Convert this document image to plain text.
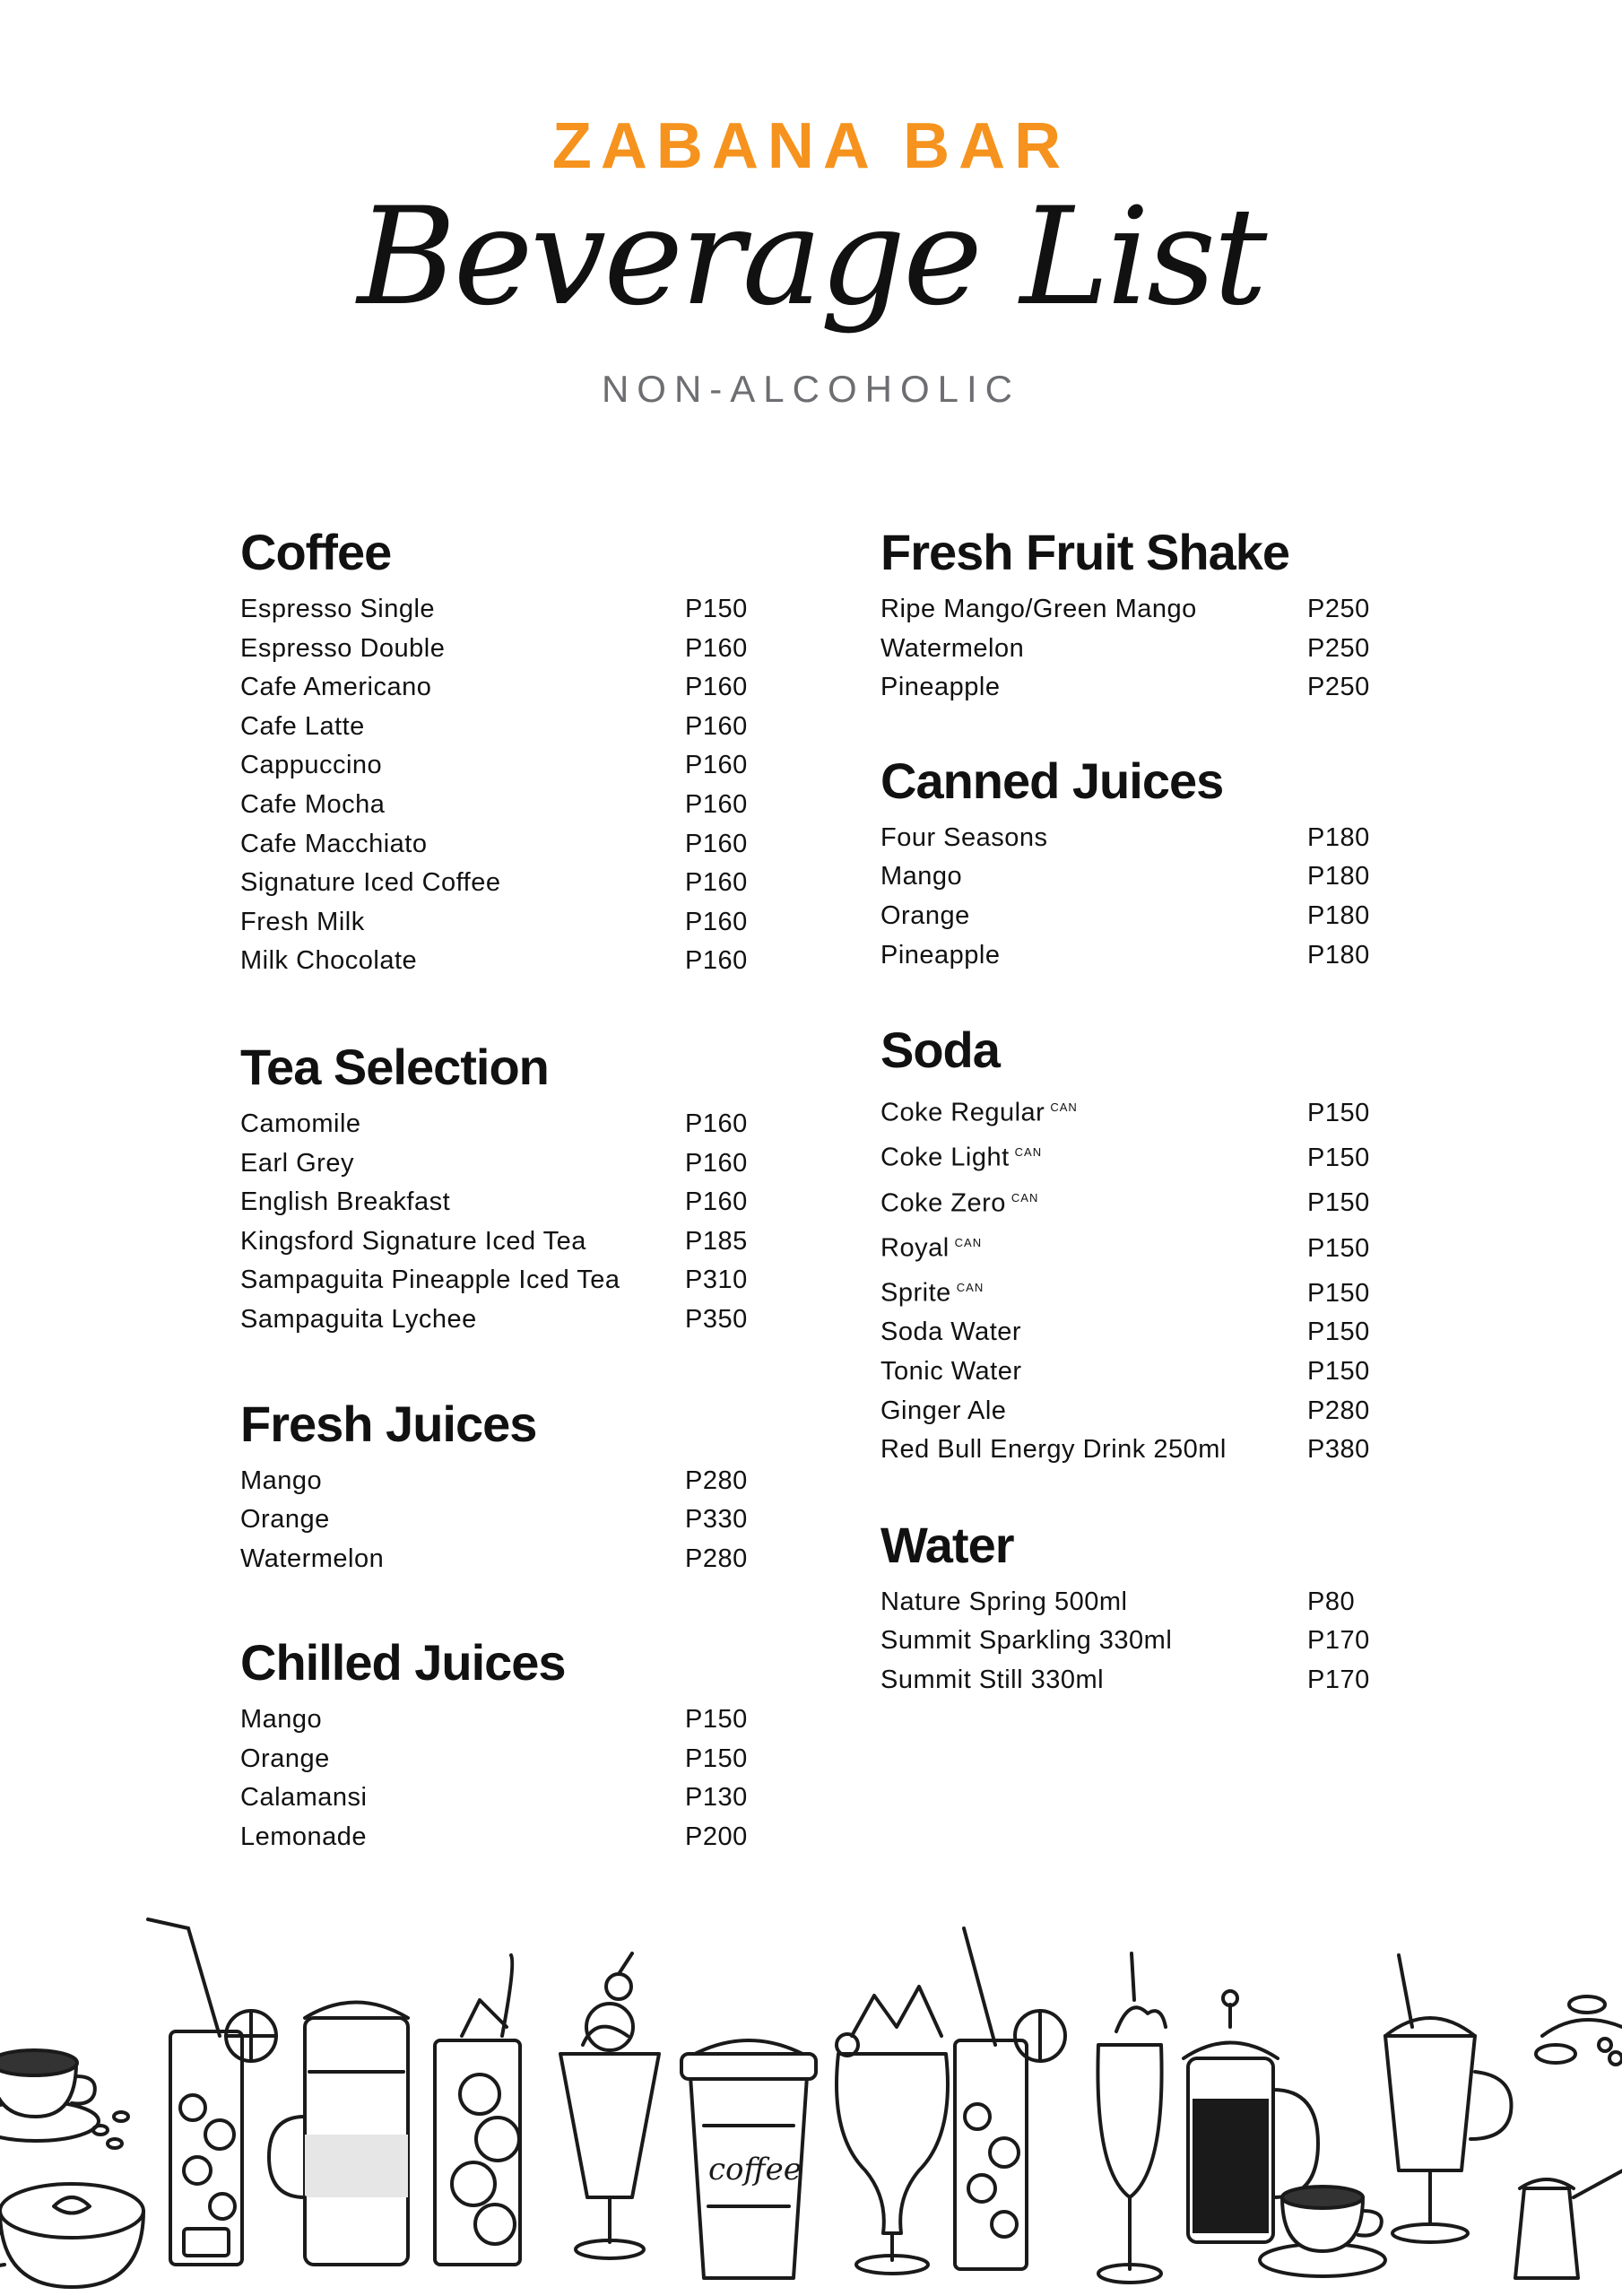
ZABANA BAR
Beverage List
NON-ALCOHOLIC
Coffee
Espresso Single	P150
Espresso Double	P160
Cafe Americano	P160
Cafe Latte	P160
Cappuccino	P160
Cafe Mocha	P160
Cafe Macchiato	P160
Signature Iced Coffee	P160
Fresh Milk	P160
Milk Chocolate	P160
Tea Selection
Camomile	P160
Earl Grey	P160
English Breakfast	P160
Kingsford Signature Iced Tea	P185
Sampaguita Pineapple Iced Tea	P310
Sampaguita Lychee	P350
Fresh Juices
Mango	P280
Orange	P330
Watermelon	P280
Chilled Juices
Mango	P150
Orange	P150
Calamansi	P130
Lemonade	P200
Fresh Fruit Shake
Ripe Mango/Green Mango	P250
Watermelon	P250
Pineapple	P250
Canned Juices
Four Seasons	P180
Mango	P180
Orange	P180
Pineapple	P180
Soda
Coke Regular $^{CAN}$	P150
Coke Light $^{CAN}$	P150
Coke Zero $^{CAN}$	P150
Royal $^{CAN}$	P150
Sprite $^{CAN}$	P150
Soda Water	P150
Tonic Water	P150
Ginger Ale	P280
Red Bull Energy Drink 250ml	P380
Water
Nature Spring 500ml	P80
Summit Sparkling 330ml	P170
Summit Still 330ml	P170
coffee
